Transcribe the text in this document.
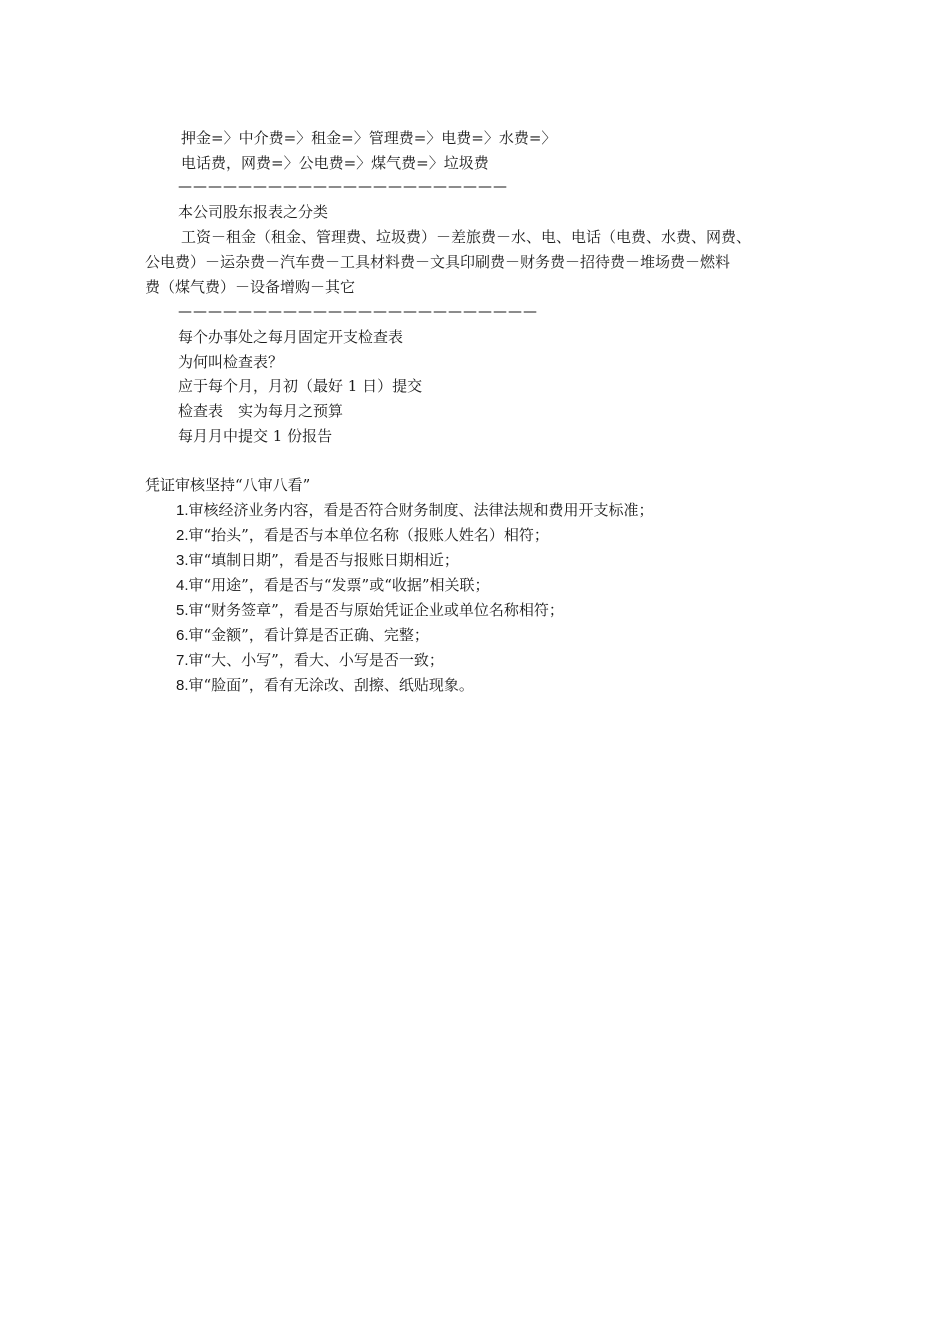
押金=〉中介费=〉租金=〉管理费=〉电费=〉水费=〉
电话费，网费=〉公电费=〉煤气费=〉垃圾费
——————————————————————
本公司股东报表之分类
工资－租金（租金、管理费、垃圾费）－差旅费－水、电、电话（电费、水费、网费、
公电费）－运杂费－汽车费－工具材料费－文具印刷费－财务费－招待费－堆场费－燃料
费（煤气费）－设备增购－其它
————————————————————————
每个办事处之每月固定开支检查表
为何叫检查表？
应于每个月，月初（最好 1 日）提交
检查表　实为每月之预算
每月月中提交 1 份报告
凭证审核坚持“八审八看”
1.审核经济业务内容，看是否符合财务制度、法律法规和费用开支标准；
2.审“抬头”，看是否与本单位名称（报账人姓名）相符；
3.审“填制日期”，看是否与报账日期相近；
4.审“用途”，看是否与“发票”或“收据”相关联；
5.审“财务签章”，看是否与原始凭证企业或单位名称相符；
6.审“金额”，看计算是否正确、完整；
7.审“大、小写”，看大、小写是否一致；
8.审“脸面”，看有无涂改、刮擦、纸贴现象。
